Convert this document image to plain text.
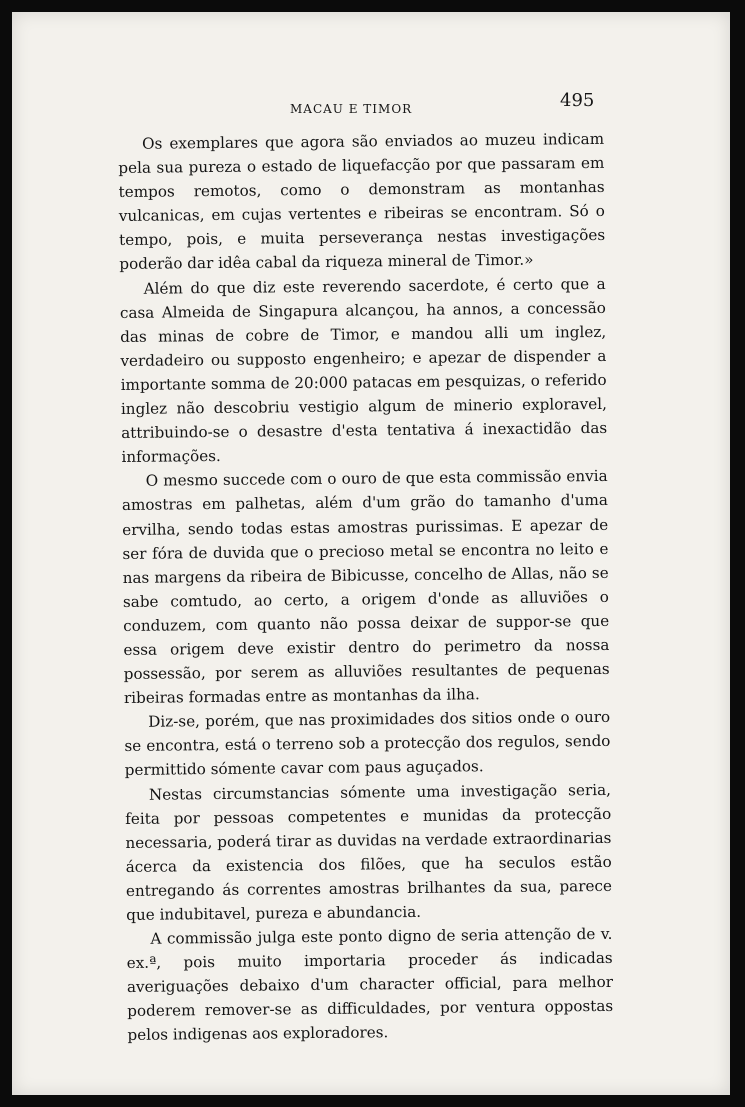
MACAU E TIMOR	495

Os exemplares que agora são enviados ao muzeu indicam pela sua pureza o estado de liquefacção por que passaram em tempos remotos, como o demonstram as montanhas vulcanicas, em cujas vertentes e ribeiras se encontram. Só o tempo, pois, e muita perseverança nestas investigações poderão dar idêa cabal da riqueza mineral de Timor.»

Além do que diz este reverendo sacerdote, é certo que a casa Almeida de Singapura alcançou, ha annos, a concessão das minas de cobre de Timor, e mandou alli um inglez, verdadeiro ou supposto engenheiro; e apezar de dispender a importante somma de 20:000 patacas em pesquizas, o referido inglez não descobriu vestigio algum de minerio exploravel, attribuindo-se o desastre d'esta tentativa á inexactidão das informações.

O mesmo succede com o ouro de que esta commissão envia amostras em palhetas, além d'um grão do tamanho d'uma ervilha, sendo todas estas amostras purissimas. E apezar de ser fóra de duvida que o precioso metal se encontra no leito e nas margens da ribeira de Bibicusse, concelho de Allas, não se sabe comtudo, ao certo, a origem d'onde as alluviões o conduzem, com quanto não possa deixar de suppor-se que essa origem deve existir dentro do perimetro da nossa possessão, por serem as alluviões resultantes de pequenas ribeiras formadas entre as montanhas da ilha.

Diz-se, porém, que nas proximidades dos sitios onde o ouro se encontra, está o terreno sob a protecção dos regulos, sendo permittido sómente cavar com paus aguçados.

Nestas circumstancias sómente uma investigação seria, feita por pessoas competentes e munidas da protecção necessaria, poderá tirar as duvidas na verdade extraordinarias ácerca da existencia dos filões, que ha seculos estão entregando ás correntes amostras brilhantes da sua, parece que indubitavel, pureza e abundancia.

A commissão julga este ponto digno de seria attenção de v. ex.ª, pois muito importaria proceder ás indicadas averiguações debaixo d'um character official, para melhor poderem remover-se as difficuldades, por ventura oppostas pelos indigenas aos exploradores.
